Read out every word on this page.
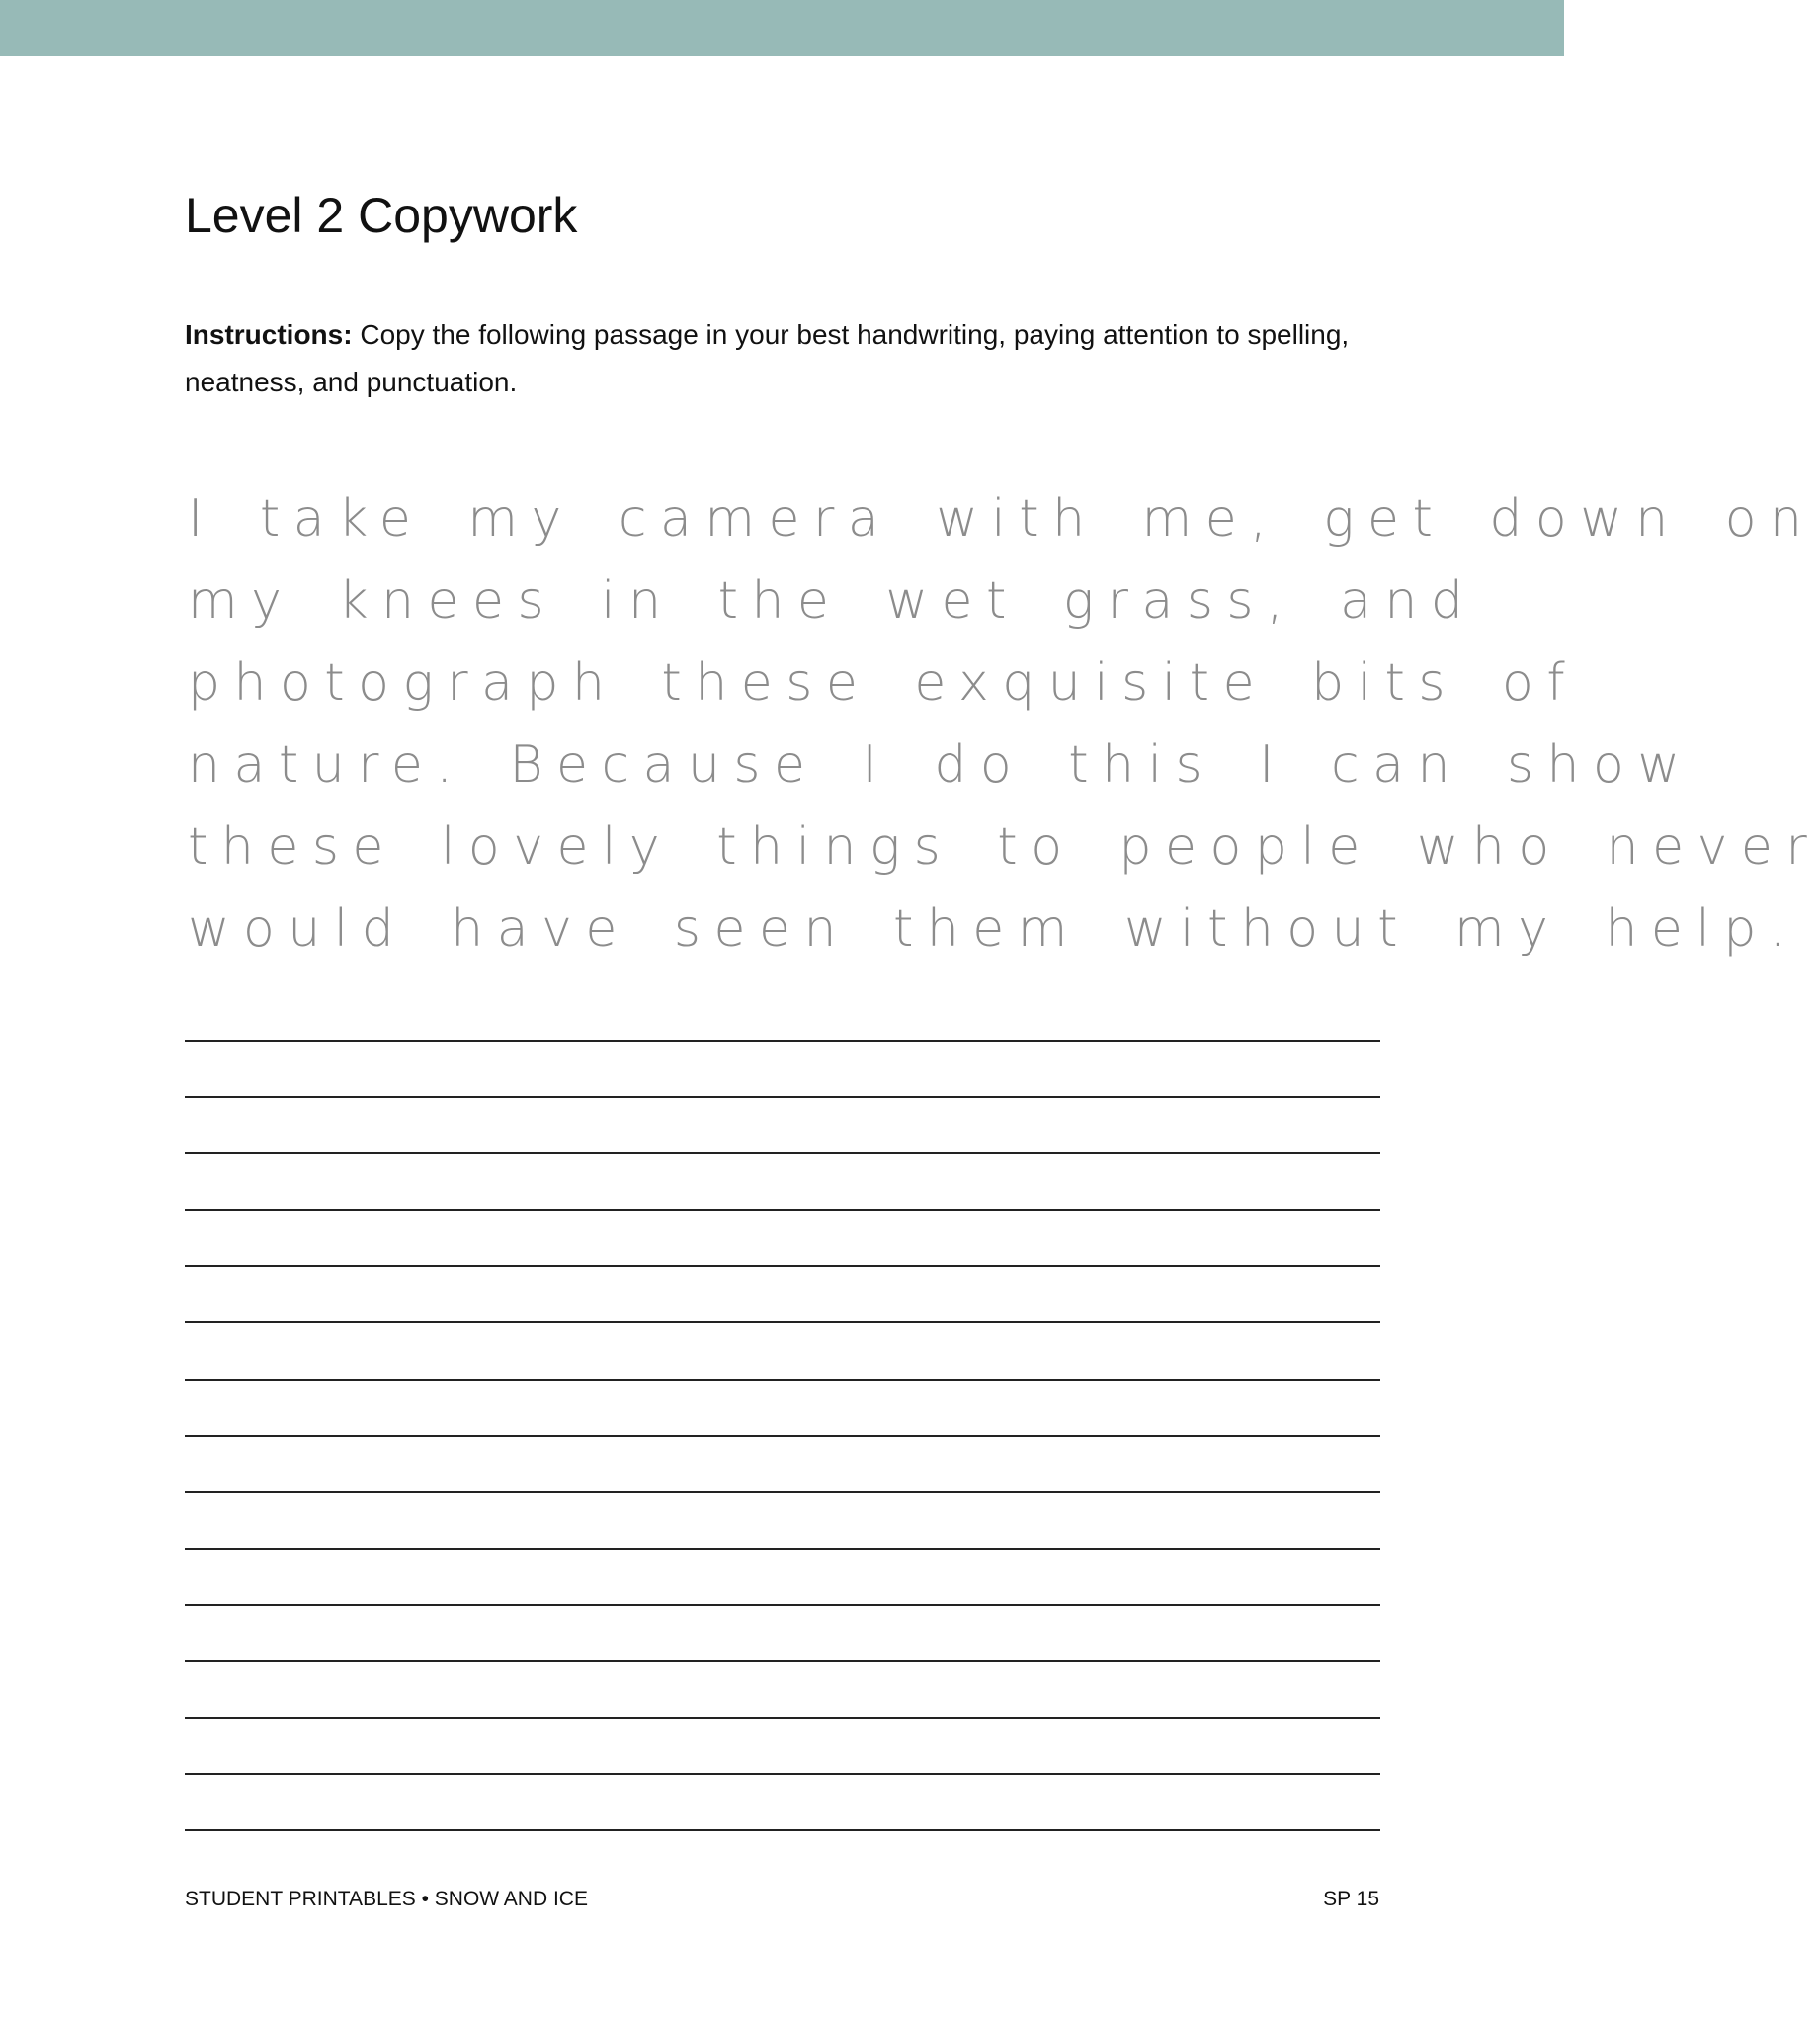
Level 2 Copywork

Instructions: Copy the following passage in your best handwriting, paying attention to spelling, neatness, and punctuation.

I take my camera with me, get down on
my knees in the wet grass, and
photograph these exquisite bits of
nature. Because I do this I can show
these lovely things to people who never
would have seen them without my help.
STUDENT PRINTABLES • SNOW AND ICE	SP 15
